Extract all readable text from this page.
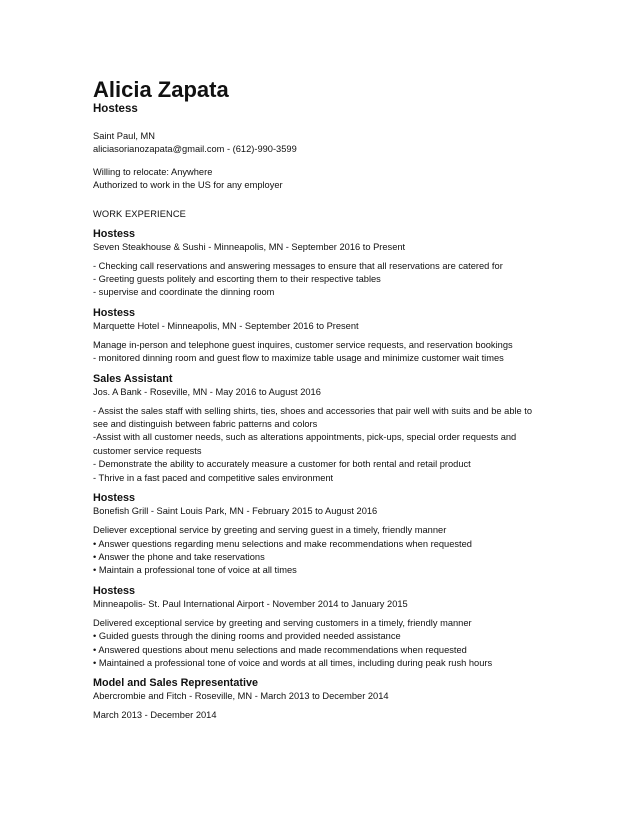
Alicia Zapata
Hostess

Saint Paul, MN

aliciasorianozapata@gmail.com - (612)-990-3599

Willing to relocate: Anywhere

Authorized to work in the US for any employer

WORK EXPERIENCE
Hostess
Seven Steakhouse & Sushi - Minneapolis, MN - September 2016 to Present

- Checking call reservations and answering messages to ensure that all reservations are catered for

- Greeting guests politely and escorting them to their respective tables

- supervise and coordinate the dinning room

Hostess
Marquette Hotel - Minneapolis, MN - September 2016 to Present

Manage in-person and telephone guest inquires, customer service requests, and reservation bookings

- monitored dinning room and guest flow to maximize table usage and minimize customer wait times

Sales Assistant
Jos. A Bank - Roseville, MN - May 2016 to August 2016

- Assist the sales staff with selling shirts, ties, shoes and accessories that pair well with suits and be able to

see and distinguish between fabric patterns and colors

-Assist with all customer needs, such as alterations appointments, pick-ups, special order requests and

customer service requests

- Demonstrate the ability to accurately measure a customer for both rental and retail product

- Thrive in a fast paced and competitive sales environment

Hostess
Bonefish Grill - Saint Louis Park, MN - February 2015 to August 2016

Deliever exceptional service by greeting and serving guest in a timely, friendly manner

• Answer questions regarding menu selections and make recommendations when requested

• Answer the phone and take reservations

• Maintain a professional tone of voice at all times

Hostess
Minneapolis- St. Paul International Airport - November 2014 to January 2015

Delivered exceptional service by greeting and serving customers in a timely, friendly manner

• Guided guests through the dining rooms and provided needed assistance

• Answered questions about menu selections and made recommendations when requested

• Maintained a professional tone of voice and words at all times, including during peak rush hours

Model and Sales Representative
Abercrombie and Fitch - Roseville, MN - March 2013 to December 2014

March 2013 - December 2014
